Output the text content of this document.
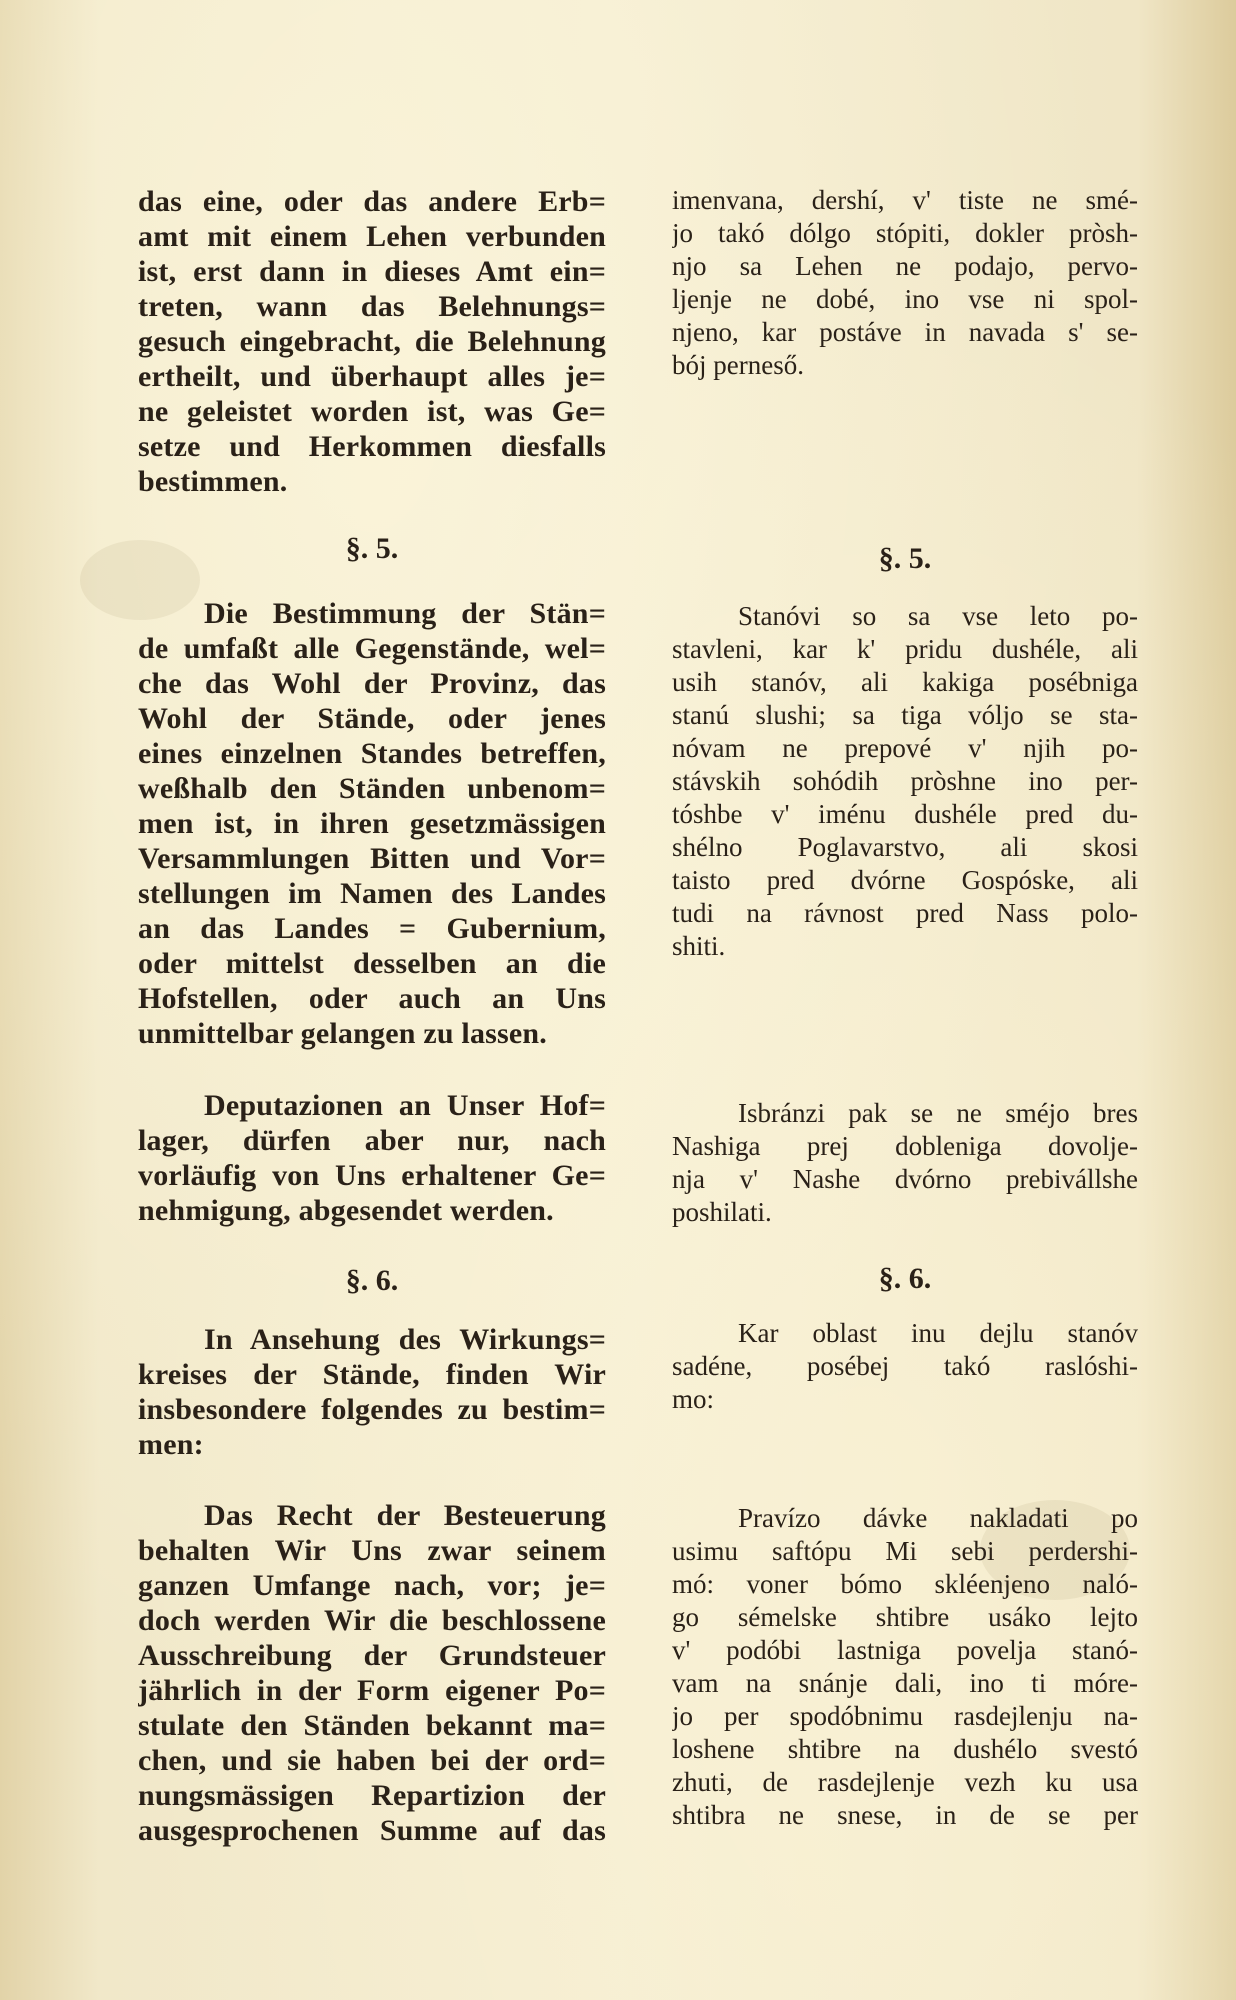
das eine, oder das andere Erb=
amt mit einem Lehen verbunden
ist, erst dann in dieses Amt ein=
treten, wann das Belehnungs=
gesuch eingebracht, die Belehnung
ertheilt, und überhaupt alles je=
ne geleistet worden ist, was Ge=
setze und Herkommen diesfalls
bestimmen.
§. 5.
Die Bestimmung der Stän=
de umfaßt alle Gegenstände, wel=
che das Wohl der Provinz, das
Wohl der Stände, oder jenes
eines einzelnen Standes betreffen,
weßhalb den Ständen unbenom=
men ist, in ihren gesetzmässigen
Versammlungen Bitten und Vor=
stellungen im Namen des Landes
an das Landes = Gubernium,
oder mittelst desselben an die
Hofstellen, oder auch an Uns
unmittelbar gelangen zu lassen.
Deputazionen an Unser Hof=
lager, dürfen aber nur, nach
vorläufig von Uns erhaltener Ge=
nehmigung, abgesendet werden.
§. 6.
In Ansehung des Wirkungs=
kreises der Stände, finden Wir
insbesondere folgendes zu bestim=
men:
Das Recht der Besteuerung
behalten Wir Uns zwar seinem
ganzen Umfange nach, vor; je=
doch werden Wir die beschlossene
Ausschreibung der Grundsteuer
jährlich in der Form eigener Po=
stulate den Ständen bekannt ma=
chen, und sie haben bei der ord=
nungsmässigen Repartizion der
ausgesprochenen Summe auf das
imenvana, dershí, v' tiste ne smé-
jo takó dólgo stópiti, dokler pròsh-
njo sa Lehen ne podajo, pervo-
ljenje ne dobé, ino vse ni spol-
njeno, kar postáve in navada s' se-
bój perneső.
§. 5.
Stanóvi so sa vse leto po-
stavleni, kar k' pridu dushéle, ali
usih stanóv, ali kakiga posébniga
stanú slushi; sa tiga vóljo se sta-
nóvam ne prepové v' njih po-
stávskih sohódih pròshne ino per-
tóshbe v' iménu dushéle pred du-
shélno Poglavarstvo, ali skosi
taisto pred dvórne Gospóske, ali
tudi na rávnost pred Nass polo-
shiti.
Isbránzi pak se ne sméjo bres
Nashiga prej dobleniga dovolje-
nja v' Nashe dvórno prebivállshe
poshilati.
§. 6.
Kar oblast inu dejlu stanóv
sadéne, posébej takó raslóshi-
mo:
Pravízo dávke nakladati po
usimu saftópu Mi sebi perdershi-
mó: voner bómo skléenjeno naló-
go sémelske shtibre usáko lejto
v' podóbi lastniga povelja stanó-
vam na snánje dali, ino ti móre-
jo per spodóbnimu rasdejlenju na-
loshene shtibre na dushélo svestó
zhuti, de rasdejlenje vezh ku usa
shtibra ne snese, in de se per
